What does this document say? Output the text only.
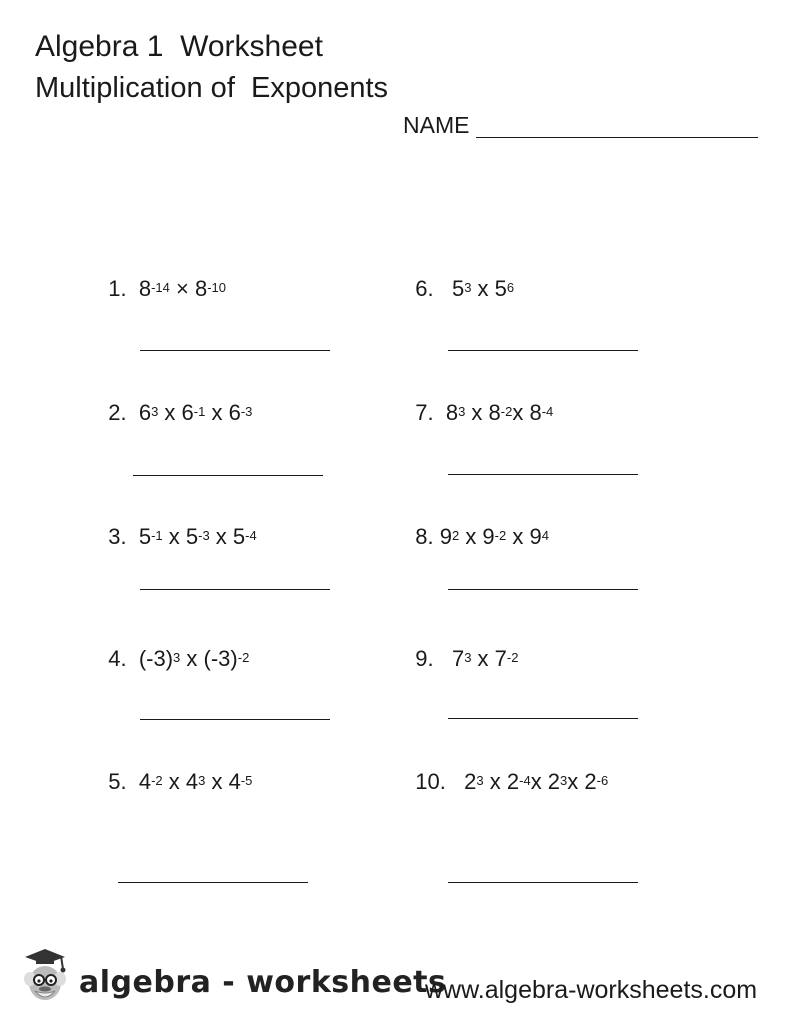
Algebra 1  Worksheet
Multiplication of  Exponents
NAME

1. $8^{-14} \times 8^{-10}$

2. $6^3$ x $6^{-1}$ x $6^{-3}$

3. $5^{-1}$ x $5^{-3}$ x $5^{-4}$

4. $(-3)^3$ x $(-3)^{-2}$

5. $4^{-2}$ x $4^3$ x $4^{-5}$

6. $5^3$ x $5^6$

7. $8^3$ x $8^{-2}x$ $8^{-4}$

8. $9^2$ x $9^{-2}$ x $9^4$

9. $7^3$ x $7^{-2}$

10. $2^3$ x $2^{-4}x$ $2^3x$ $2^{-6}$

algebra - worksheets
www.algebra-worksheets.com
